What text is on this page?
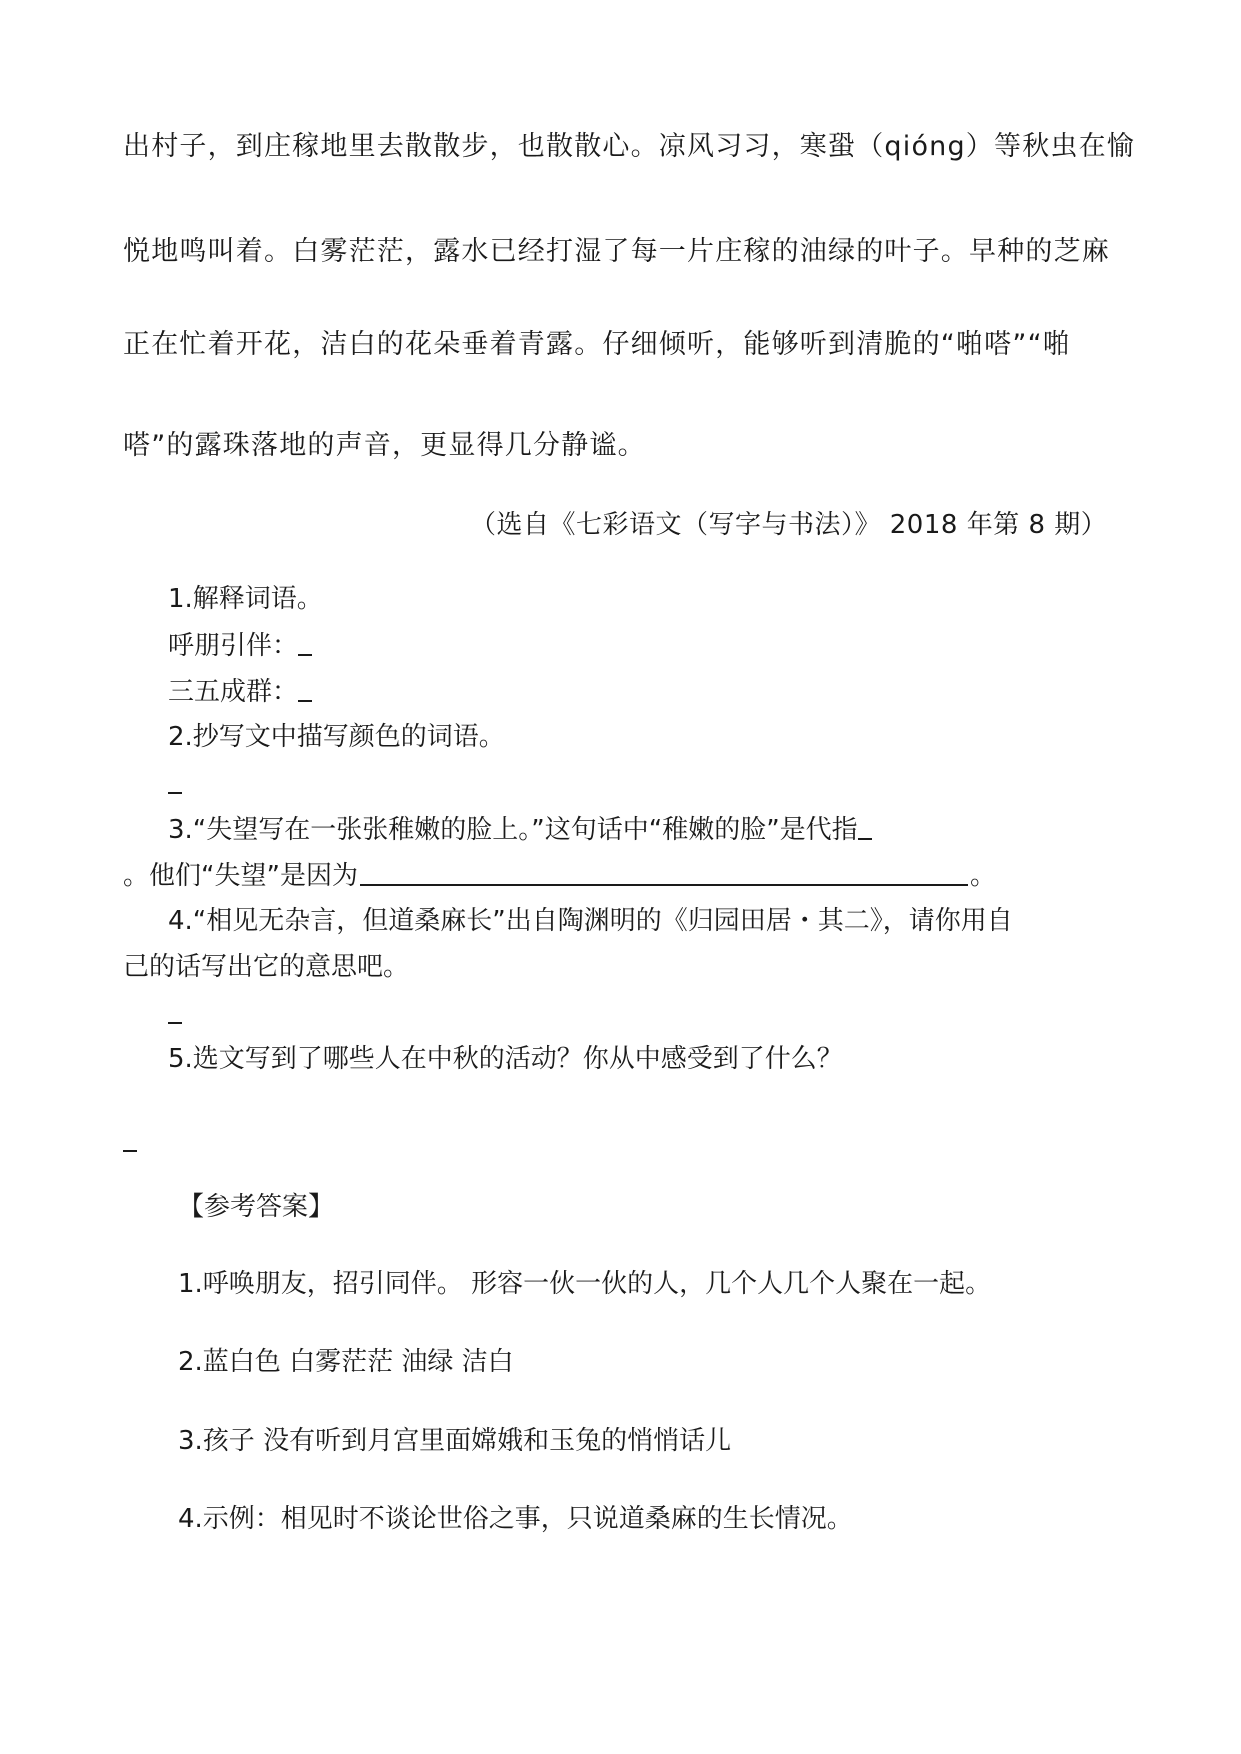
出村子，到庄稼地里去散散步，也散散心。凉风习习，寒蛩（qióng）等秋虫在愉
悦地鸣叫着。白雾茫茫，露水已经打湿了每一片庄稼的油绿的叶子。早种的芝麻
正在忙着开花，洁白的花朵垂着青露。仔细倾听，能够听到清脆的“啪嗒”“啪
嗒”的露珠落地的声音，更显得几分静谧。
（选自《七彩语文（写字与书法）》 2018 年第 8 期）
1.解释词语。
呼朋引伴：
三五成群：
2.抄写文中描写颜色的词语。
3.“失望写在一张张稚嫩的脸上。”这句话中“稚嫩的脸”是代指
。他们“失望”是因为	。
4.“相见无杂言，但道桑麻长”出自陶渊明的《归园田居・其二》，请你用自
己的话写出它的意思吧。
5.选文写到了哪些人在中秋的活动？你从中感受到了什么？
【参考答案】
1.呼唤朋友，招引同伴。 形容一伙一伙的人，几个人几个人聚在一起。
2.蓝白色 白雾茫茫 油绿 洁白
3.孩子 没有听到月宫里面嫦娥和玉兔的悄悄话儿
4.示例：相见时不谈论世俗之事，只说道桑麻的生长情况。
